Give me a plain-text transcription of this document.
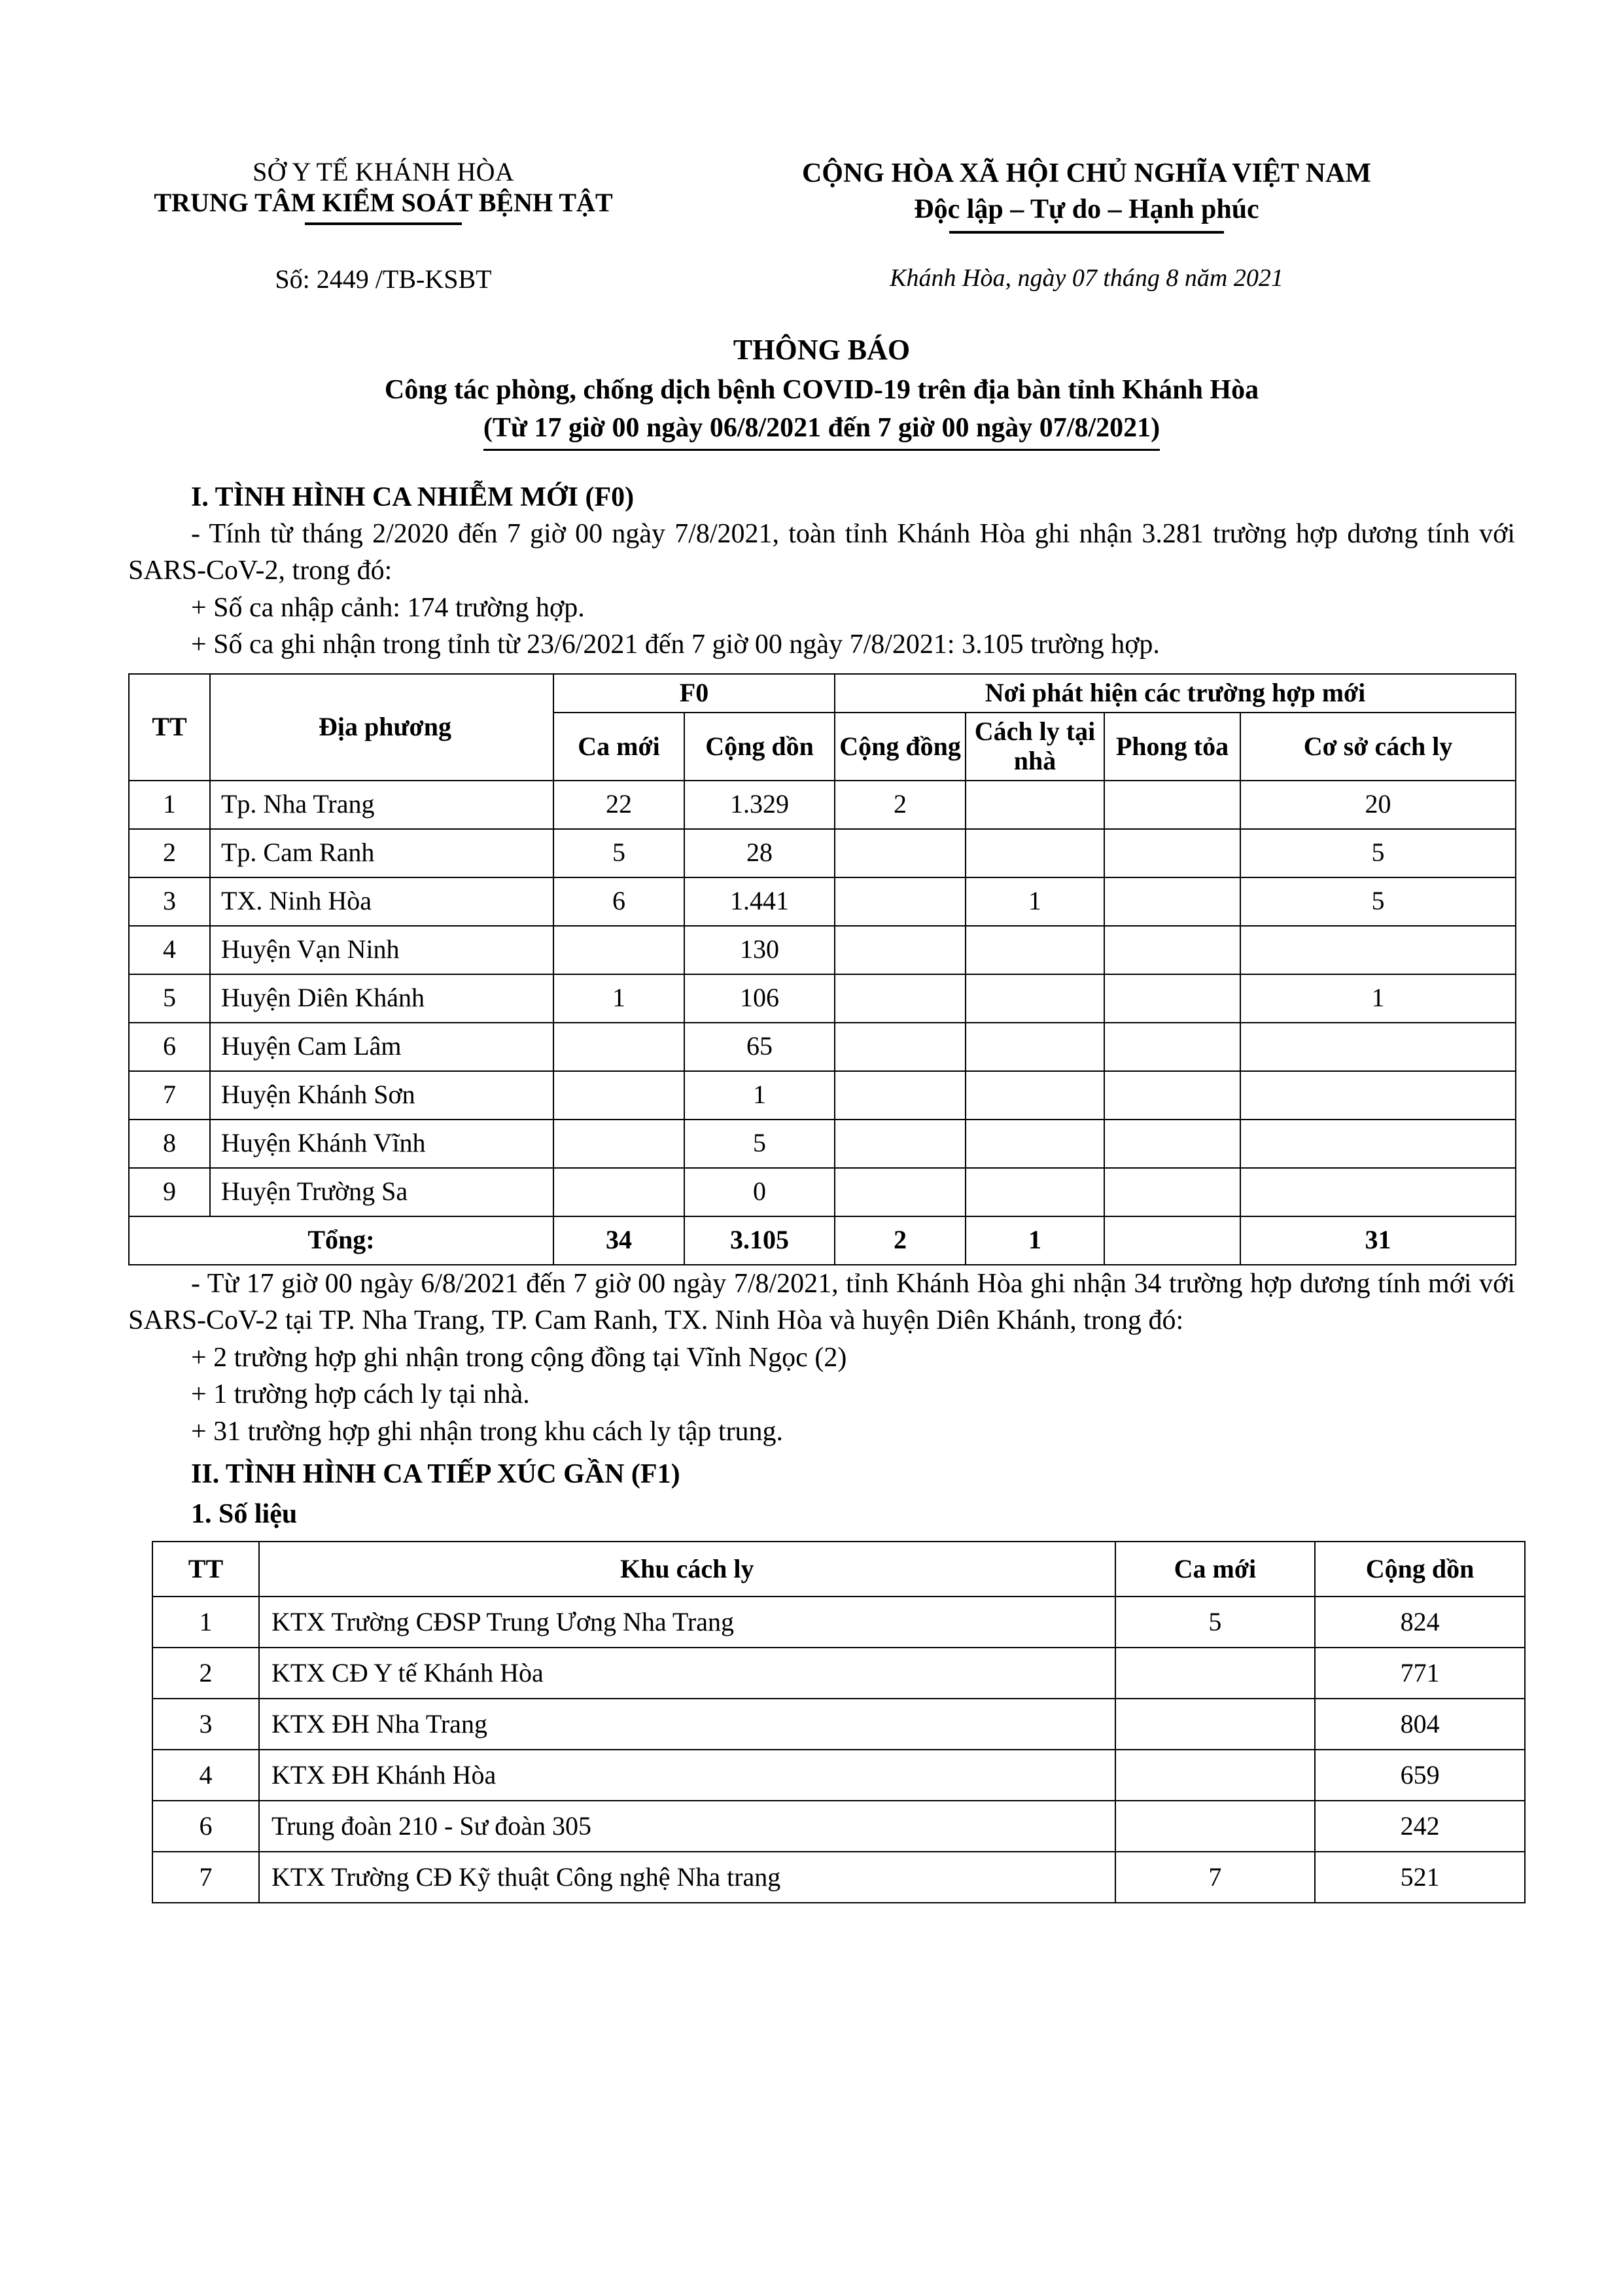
SỞ Y TẾ KHÁNH HÒA
TRUNG TÂM KIỂM SOÁT BỆNH TẬT
CỘNG HÒA XÃ HỘI CHỦ NGHĨA VIỆT NAM
Độc lập – Tự do – Hạnh phúc
Số: 2449 /TB-KSBT	Khánh Hòa, ngày 07 tháng 8 năm 2021
THÔNG BÁO
Công tác phòng, chống dịch bệnh COVID-19 trên địa bàn tỉnh Khánh Hòa
(Từ 17 giờ 00 ngày 06/8/2021 đến 7 giờ 00 ngày 07/8/2021)
I. TÌNH HÌNH CA NHIỄM MỚI (F0)

- Tính từ tháng 2/2020 đến 7 giờ 00 ngày 7/8/2021, toàn tỉnh Khánh Hòa ghi nhận 3.281 trường hợp dương tính với SARS-CoV-2, trong đó:

+ Số ca nhập cảnh: 174 trường hợp.

+ Số ca ghi nhận trong tỉnh từ 23/6/2021 đến 7 giờ 00 ngày 7/8/2021: 3.105 trường hợp.

TT	Địa phương	F0		Nơi phát hiện các trường hợp mới			
		Ca mới	Cộng dồn	Cộng đồng	Cách ly tại nhà	Phong tỏa	Cơ sở cách ly
1	Tp. Nha Trang	22	1.329	2			20
2	Tp. Cam Ranh	5	28				5
3	TX. Ninh Hòa	6	1.441		1		5
4	Huyện Vạn Ninh		130				
5	Huyện Diên Khánh	1	106				1
6	Huyện Cam Lâm		65				
7	Huyện Khánh Sơn		1				
8	Huyện Khánh Vĩnh		5				
9	Huyện Trường Sa		0				
Tổng:		34	3.105	2	1		31

- Từ 17 giờ 00 ngày 6/8/2021 đến 7 giờ 00 ngày 7/8/2021, tỉnh Khánh Hòa ghi nhận 34 trường hợp dương tính mới với SARS-CoV-2 tại TP. Nha Trang, TP. Cam Ranh, TX. Ninh Hòa và huyện Diên Khánh, trong đó:

+ 2 trường hợp ghi nhận trong cộng đồng tại Vĩnh Ngọc (2)

+ 1 trường hợp cách ly tại nhà.

+ 31 trường hợp ghi nhận trong khu cách ly tập trung.

II. TÌNH HÌNH CA TIẾP XÚC GẦN (F1)
1. Số liệu
TT	Khu cách ly	Ca mới	Cộng dồn
1	KTX Trường CĐSP Trung Ương Nha Trang	5	824
2	KTX CĐ Y tế Khánh Hòa		771
3	KTX ĐH Nha Trang		804
4	KTX ĐH Khánh Hòa		659
6	Trung đoàn 210 - Sư đoàn 305		242
7	KTX Trường CĐ Kỹ thuật Công nghệ Nha trang	7	521
